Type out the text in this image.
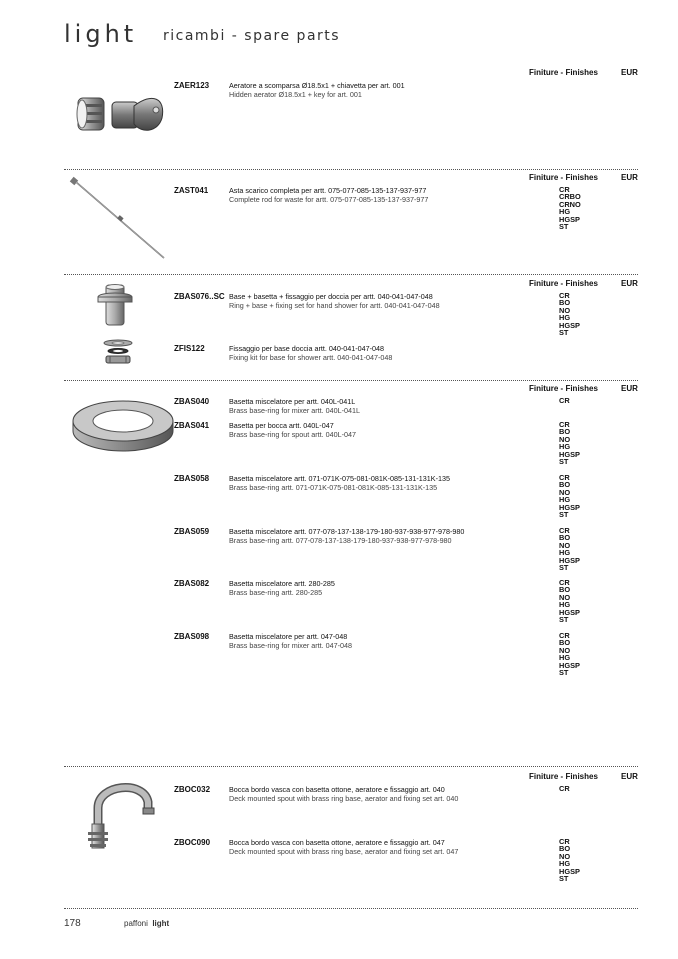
light ricambi - spare parts
Finiture - Finishes	EUR
Finiture - Finishes	EUR
Finiture - Finishes	EUR
Finiture - Finishes	EUR
Finiture - Finishes	EUR
ZAER123	Aeratore a scomparsa Ø18.5x1 + chiavetta per art. 001
Hidden aerator Ø18.5x1 + key for art. 001
ZAST041	Asta scarico completa per artt. 075-077-085-135-137-937-977
Complete rod for waste for artt. 075-077-085-135-137-937-977
CR
CRBO
CRNO
HG
HGSP
ST
ZBAS076..SC Base + basetta + fissaggio per doccia per artt. 040-041-047-048
Ring + base + fixing set for hand shower for artt. 040-041-047-048
CR
BO
NO
HG
HGSP
ST
ZFIS122	Fissaggio per base doccia artt. 040-041-047-048
Fixing kit for base for shower artt. 040-041-047-048
ZBAS040	Basetta miscelatore per artt. 040L-041L
Brass base-ring for mixer artt. 040L-041L
CR
ZBAS041	Basetta per bocca artt. 040L-047
Brass base-ring for spout artt. 040L-047
CR
BO
NO
HG
HGSP
ST
ZBAS058	Basetta miscelatore artt. 071-071K-075-081-081K-085-131-131K-135
Brass base-ring artt. 071-071K-075-081-081K-085-131-131K-135
CR
BO
NO
HG
HGSP
ST
ZBAS059	Basetta miscelatore artt. 077-078-137-138-179-180-937-938-977-978-980
Brass base-ring artt. 077-078-137-138-179-180-937-938-977-978-980
CR
BO
NO
HG
HGSP
ST
ZBAS082	Basetta miscelatore artt. 280-285
Brass base-ring artt. 280-285
CR
BO
NO
HG
HGSP
ST
ZBAS098	Basetta miscelatore per artt. 047-048
Brass base-ring for mixer artt. 047-048
CR
BO
NO
HG
HGSP
ST
ZBOC032	Bocca bordo vasca con basetta ottone, aeratore e fissaggio art. 040
Deck mounted spout with brass ring base, aerator and fixing set art. 040
CR
ZBOC090	Bocca bordo vasca con basetta ottone, aeratore e fissaggio art. 047
Deck mounted spout with brass ring base, aerator and fixing set art. 047
CR
BO
NO
HG
HGSP
ST
178	paffoni light
